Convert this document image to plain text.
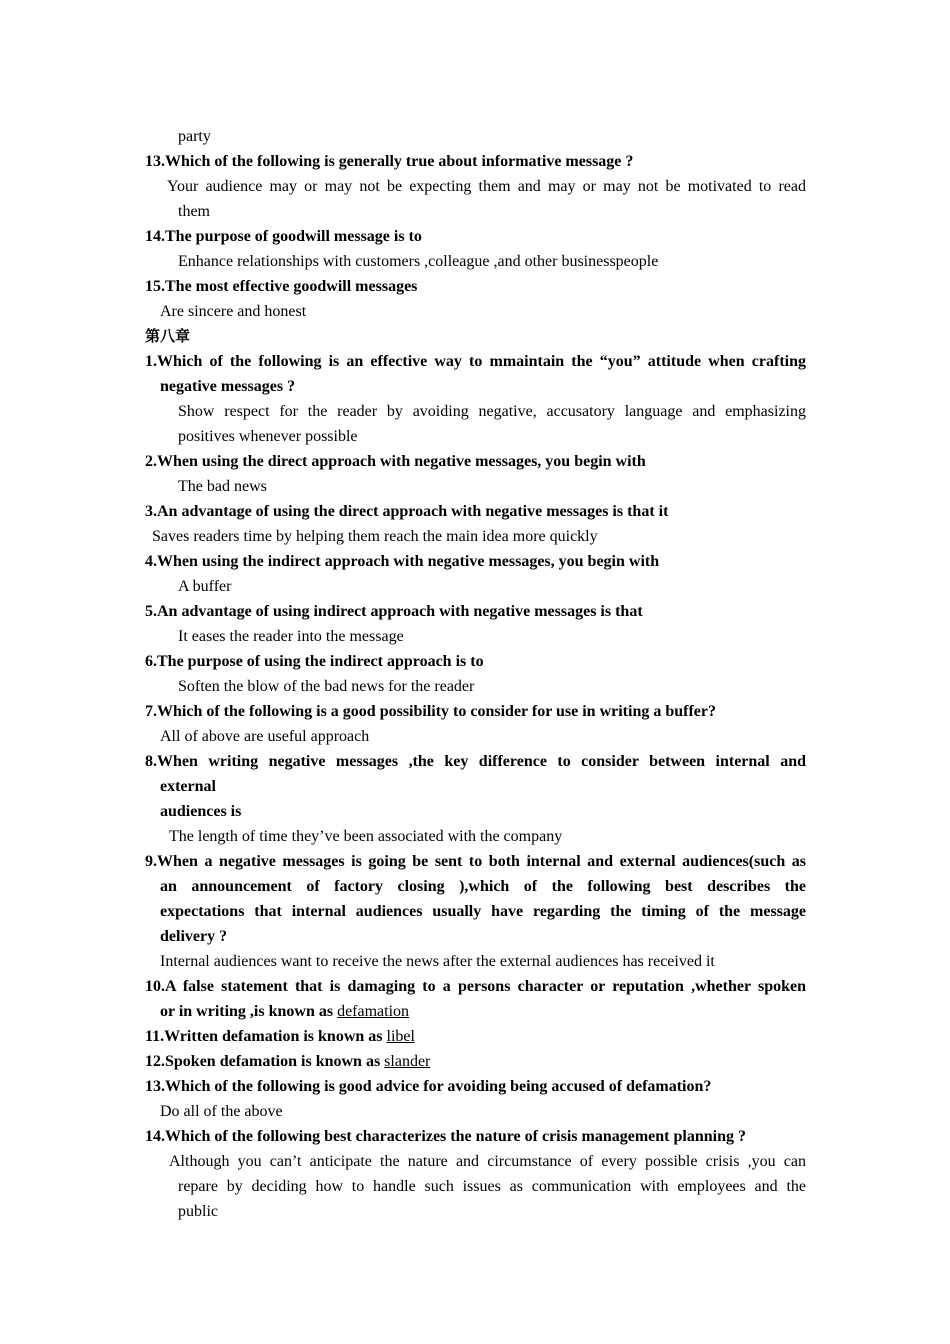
party
13.Which of the following is generally true about informative message ?
Your audience may or may not be expecting them and may or may not be motivated to read
them
14.The purpose of goodwill message is to
Enhance relationships with customers ,colleague ,and other businesspeople
15.The most effective goodwill messages
Are sincere and honest
第八章
1.Which of the following is an effective way to mmaintain the “you” attitude when crafting
negative messages ?
Show respect for the reader by avoiding negative, accusatory language and emphasizing
positives whenever possible
2.When using the direct approach with negative messages, you begin with
The bad news
3.An advantage of using the direct approach with negative messages is that it
Saves readers time by helping them reach the main idea more quickly
4.When using the indirect approach with negative messages, you begin with
A buffer
5.An advantage of using indirect approach with negative messages is that
It eases the reader into the message
6.The purpose of using the indirect approach is to
Soften the blow of the bad news for the reader
7.Which of the following is a good possibility to consider for use in writing a buffer?
All of above are useful approach
8.When writing negative messages ,the key difference to consider between internal and
external
audiences is
The length of time they’ve been associated with the company
9.When a negative messages is going be sent to both internal and external audiences(such as
an announcement of factory closing ),which of the following best describes the
expectations that internal audiences usually have regarding the timing of the message
delivery ?
Internal audiences want to receive the news after the external audiences has received it
10.A false statement that is damaging to a persons character or reputation ,whether spoken
or in writing ,is known as defamation
11.Written defamation is known as libel
12.Spoken defamation is known as slander
13.Which of the following is good advice for avoiding being accused of defamation?
Do all of the above
14.Which of the following best characterizes the nature of crisis management planning ?
Although you can’t anticipate the nature and circumstance of every possible crisis ,you can
repare by deciding how to handle such issues as communication with employees and the
public
